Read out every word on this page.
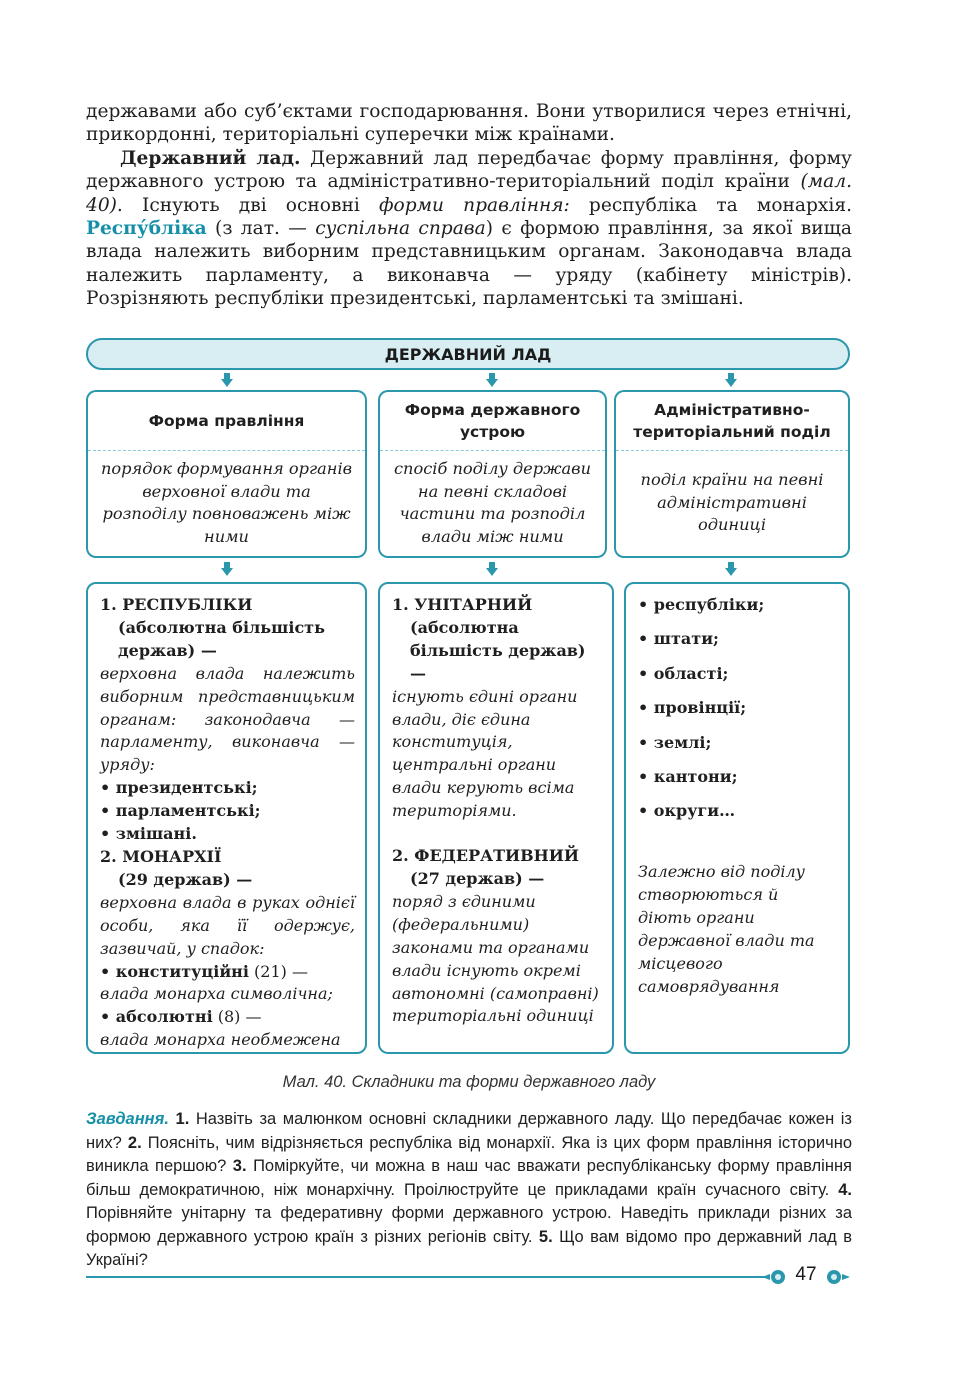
державами або суб’єктами господарювання. Вони утворилися через етнічні, прикордонні, територіальні суперечки між країнами.

Державний лад. Державний лад передбачає форму правління, форму державного устрою та адміністративно-територіальний поділ країни (мал. 40). Існують дві основні форми правління: республіка та монархія. Респу́бліка (з лат. — суспільна справа) є формою правління, за якої вища влада належить виборним представницьким органам. Законодавча влада належить парламенту, а виконавча — уряду (кабінету міністрів). Розрізняють республіки президентські, парламентські та змішані.

ДЕРЖАВНИЙ ЛАД
Форма правління
Форма державного устрою
Адміністративно-територіальний поділ
порядок формування органів верховної влади та розподілу повноважень між ними
спосіб поділу держави на певні складові частини та розподіл влади між ними
поділ країни на певні адміністративні одиниці

1. РЕСПУБЛІКИ

(абсолютна більшість держав) —

верховна влада належить виборним представницьким органам: законодавча — парламенту, виконавча — уряду:

• президентські;
• парламентські;
• змішані.

2. МОНАРХІЇ

(29 держав) —

верховна влада в руках однієї особи, яка її одержує, зазвичай, у спадок:

• конституційні (21) —

влада монарха символічна;

• абсолютні (8) —

влада монарха необмежена

1. УНІТАРНИЙ

(абсолютна більшість держав) —

існують єдині органи влади, діє єдина конституція, центральні органи влади керують всіма територіями.

2. ФЕДЕРАТИВНИЙ

(27 держав) —

поряд з єдиними (федеральними) законами та органами влади існують окремі автономні (самоправні) територіальні одиниці

• республіки;
• штати;
• області;
• провінції;
• землі;
• кантони;
• округи…

Залежно від поділу створюються й діють органи державної влади та місцевого самоврядування

Мал. 40. Складники та форми державного ладу
Завдання. 1. Назвіть за малюнком основні складники державного ладу. Що передбачає кожен із них? 2. Поясніть, чим відрізняється республіка від монархії. Яка із цих форм правління історично виникла першою? 3. Поміркуйте, чи можна в наш час вважати республіканську форму правління більш демократичною, ніж монархічну. Проілюструйте це прикладами країн сучасного світу. 4. Порівняйте унітарну та федеративну форми державного устрою. Наведіть приклади різних за формою державного устрою країн з різних регіонів світу. 5. Що вам відомо про державний лад в Україні?
47
